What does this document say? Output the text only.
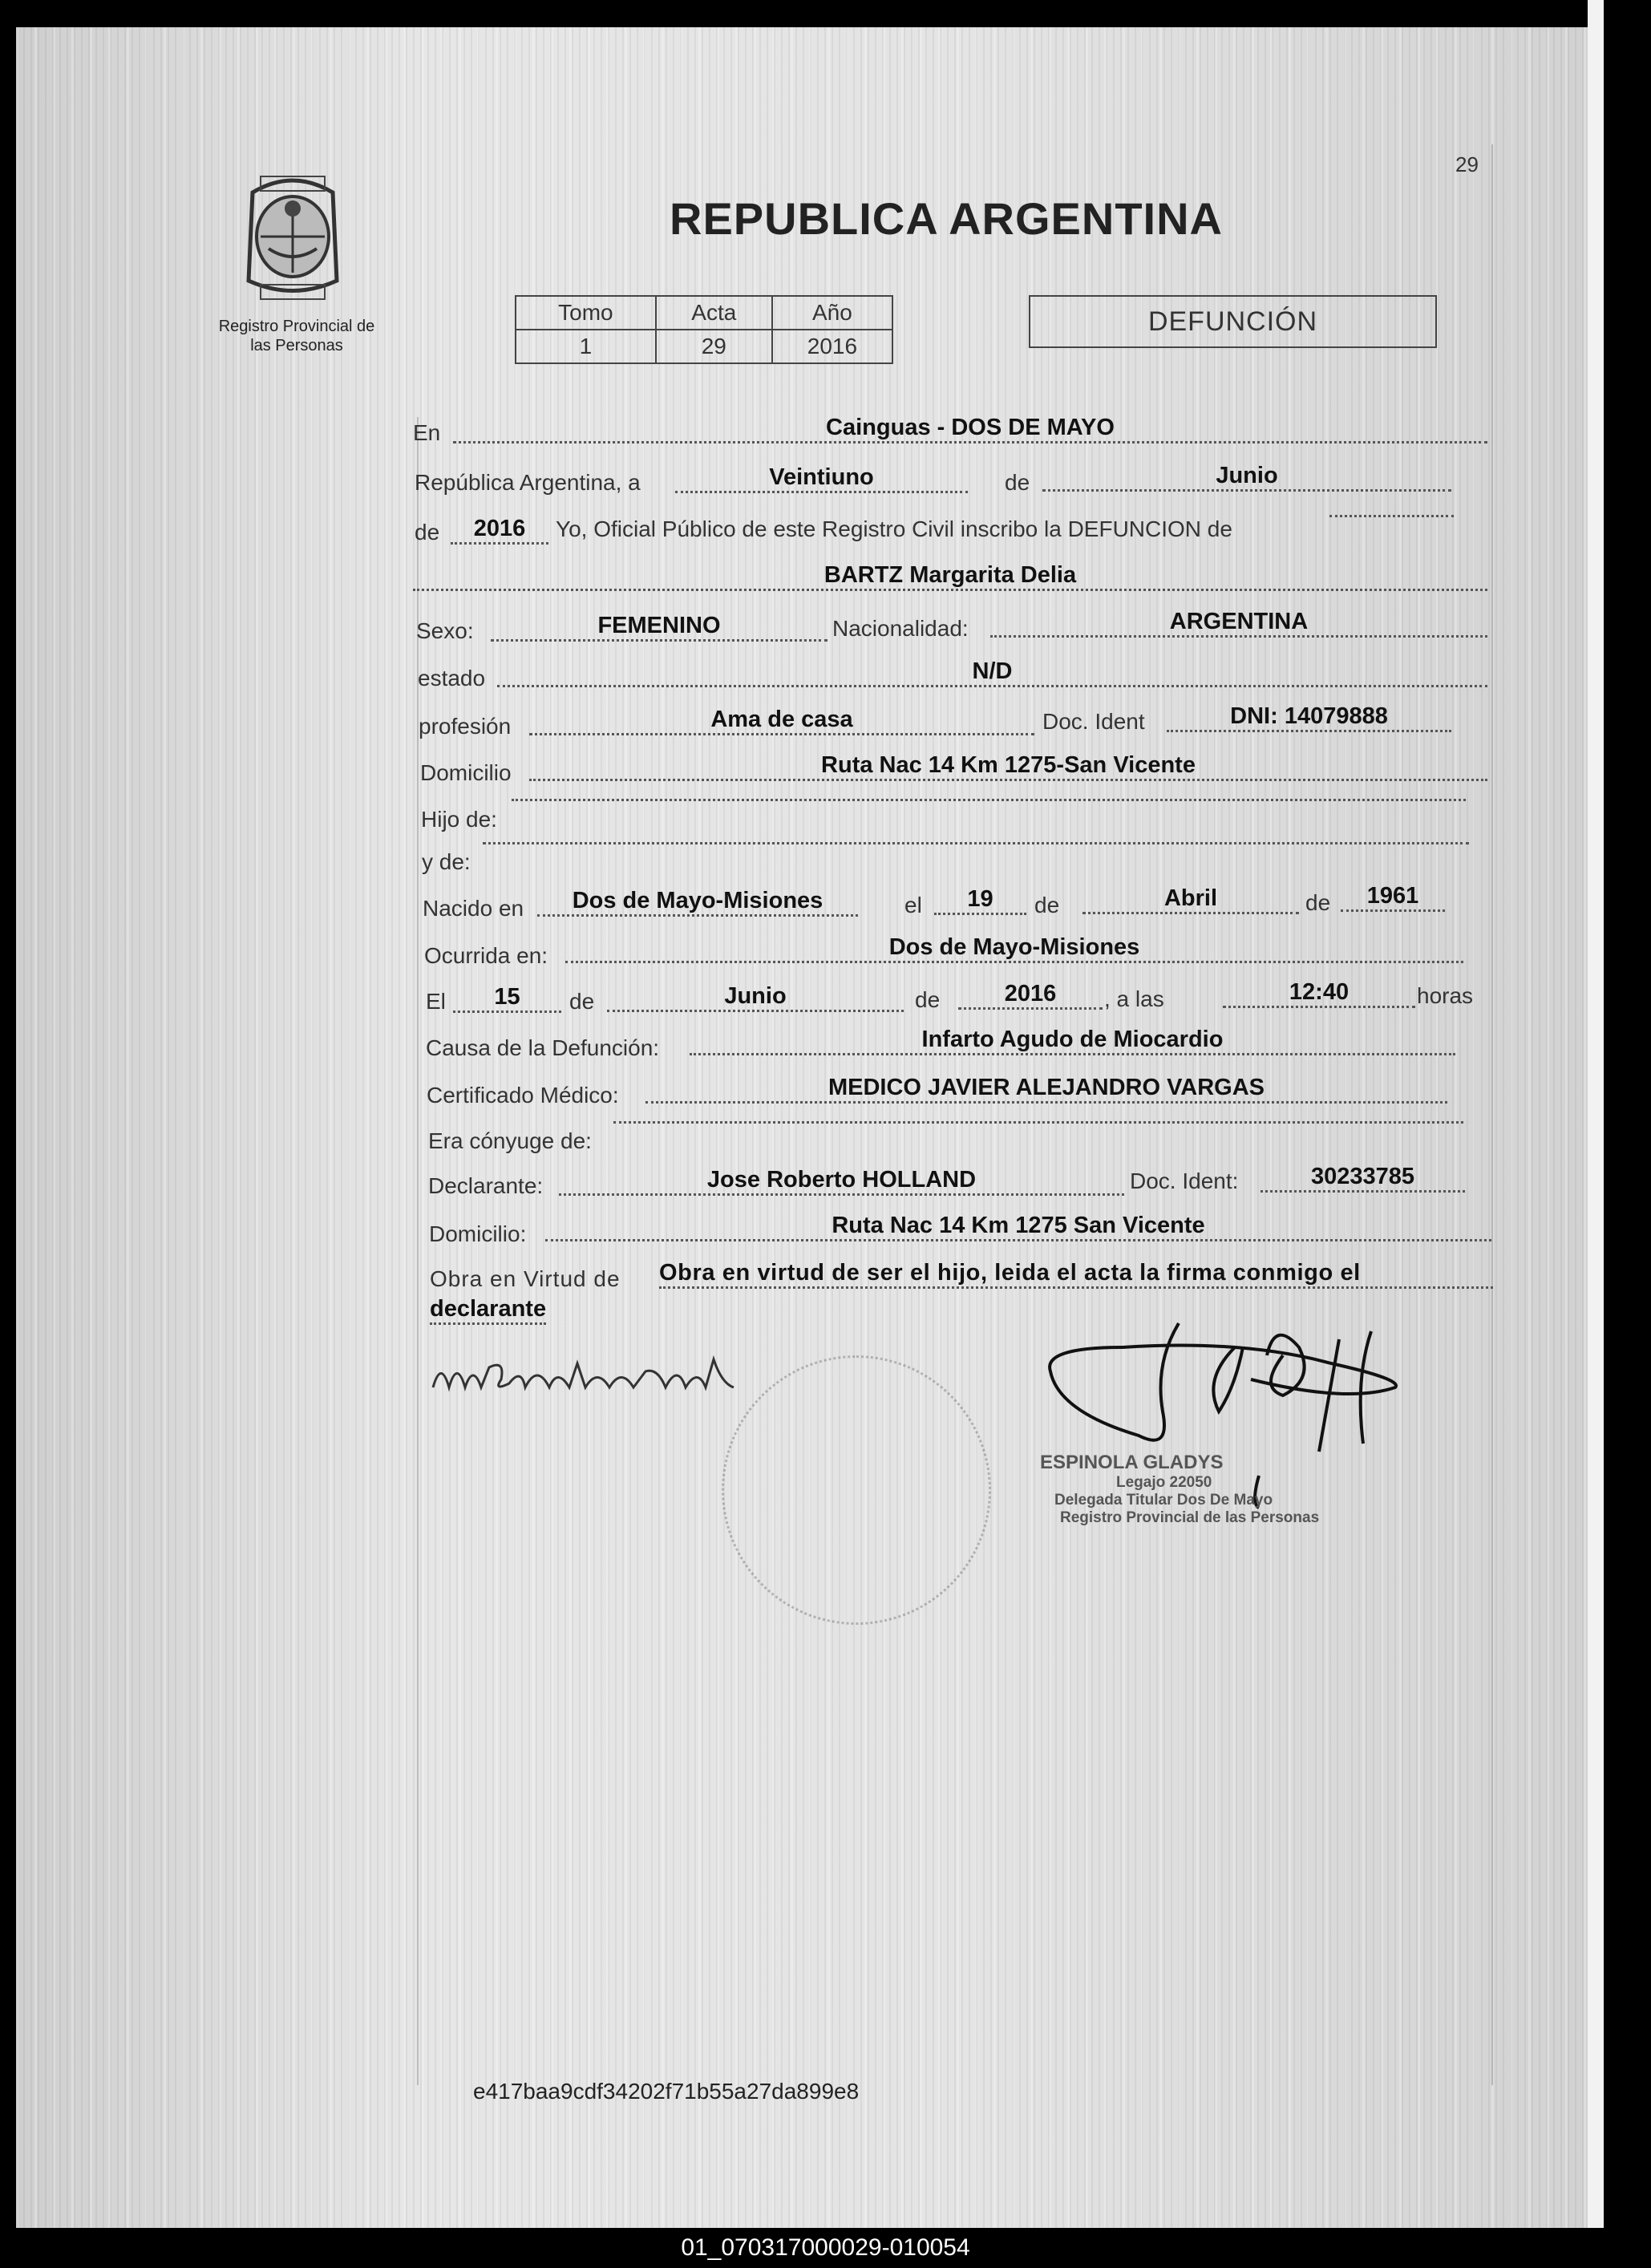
29
Registro Provincial de
las Personas
REPUBLICA ARGENTINA
Tomo	Acta	Año
1	29	2016
DEFUNCIÓN
En	Cainguas - DOS DE MAYO
República Argentina, a	Veintiuno	de	Junio
de	2016	Yo, Oficial Público de este Registro Civil inscribo la DEFUNCION de
BARTZ Margarita Delia
Sexo:	FEMENINO	Nacionalidad:	ARGENTINA
estado	N/D
profesión	Ama de casa	Doc. Ident	DNI: 14079888
Domicilio	Ruta Nac 14 Km 1275-San Vicente
Hijo de:
y de:
Nacido en	Dos de Mayo-Misiones	el	19	de	Abril	de	1961
Ocurrida en:	Dos de Mayo-Misiones
El	15	de	Junio	de	2016	, a las	12:40	horas
Causa de la Defunción:	Infarto Agudo de Miocardio
Certificado Médico:	MEDICO JAVIER ALEJANDRO VARGAS
Era cónyuge de:
Declarante:	Jose Roberto HOLLAND	Doc. Ident:	30233785
Domicilio:	Ruta Nac 14 Km 1275 San Vicente
Obra en Virtud de Obra en virtud de ser el hijo, leida el acta la firma conmigo el
declarante
ESPINOLA GLADYS
Legajo 22050
Delegada Titular Dos De Mayo
Registro Provincial de las Personas
e417baa9cdf34202f71b55a27da899e8
01_070317000029-010054
